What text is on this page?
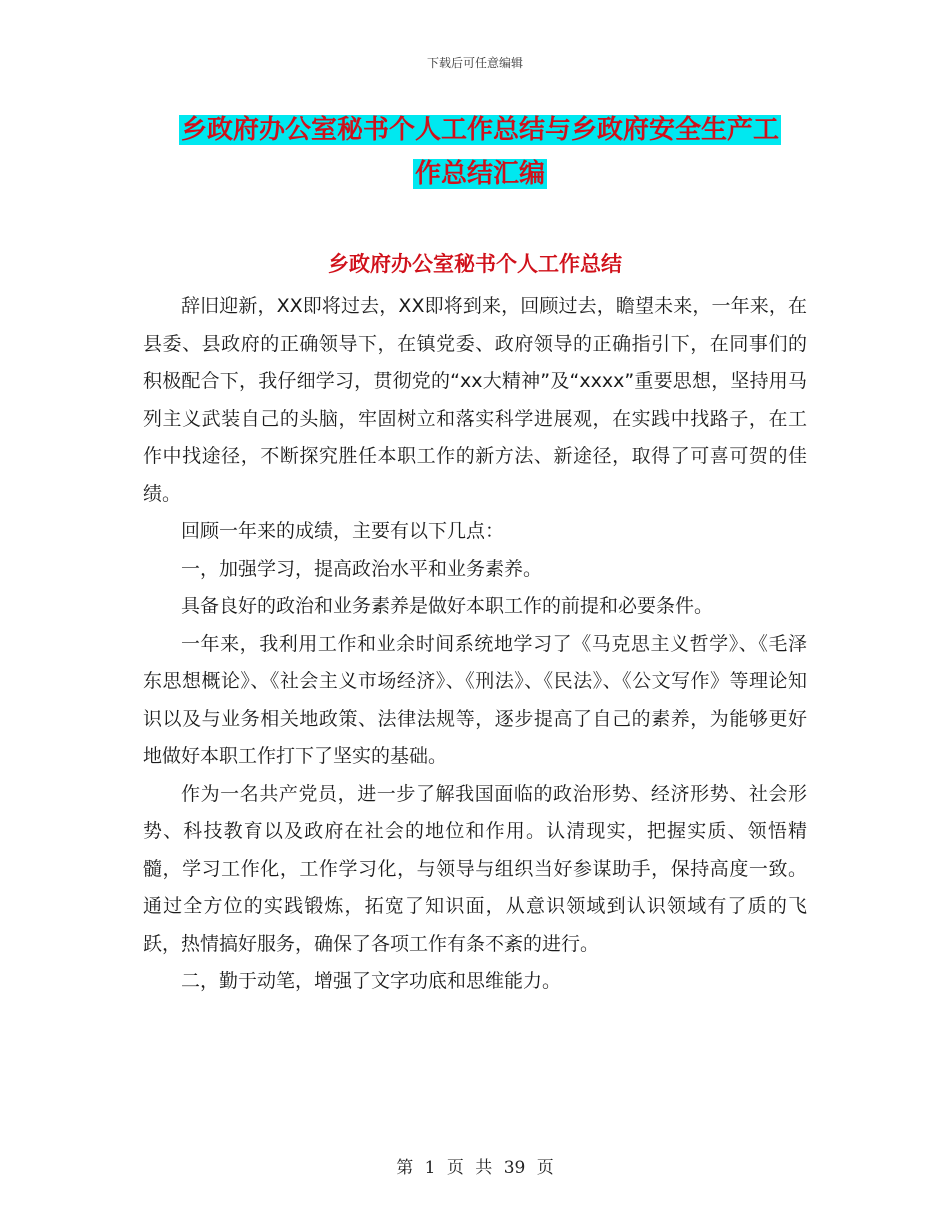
下载后可任意编辑
乡政府办公室秘书个人工作总结与乡政府安全生产工
作总结汇编
乡政府办公室秘书个人工作总结

辞旧迎新，XX即将过去，XX即将到来，回顾过去，瞻望未来，一年来，在县委、县政府的正确领导下，在镇党委、政府领导的正确指引下，在同事们的积极配合下，我仔细学习，贯彻党的“xx大精神”及“xxxx”重要思想，坚持用马列主义武装自己的头脑，牢固树立和落实科学进展观，在实践中找路子，在工作中找途径，不断探究胜任本职工作的新方法、新途径，取得了可喜可贺的佳绩。

回顾一年来的成绩，主要有以下几点：

一，加强学习，提高政治水平和业务素养。

具备良好的政治和业务素养是做好本职工作的前提和必要条件。

一年来，我利用工作和业余时间系统地学习了《马克思主义哲学》、《毛泽东思想概论》、《社会主义市场经济》、《刑法》、《民法》、《公文写作》等理论知识以及与业务相关地政策、法律法规等，逐步提高了自己的素养，为能够更好地做好本职工作打下了坚实的基础。

作为一名共产党员，进一步了解我国面临的政治形势、经济形势、社会形势、科技教育以及政府在社会的地位和作用。认清现实，把握实质、领悟精髓，学习工作化，工作学习化，与领导与组织当好参谋助手，保持高度一致。通过全方位的实践锻炼，拓宽了知识面，从意识领域到认识领域有了质的飞跃，热情搞好服务，确保了各项工作有条不紊的进行。

二，勤于动笔，增强了文字功底和思维能力。

第 1 页 共 39 页
